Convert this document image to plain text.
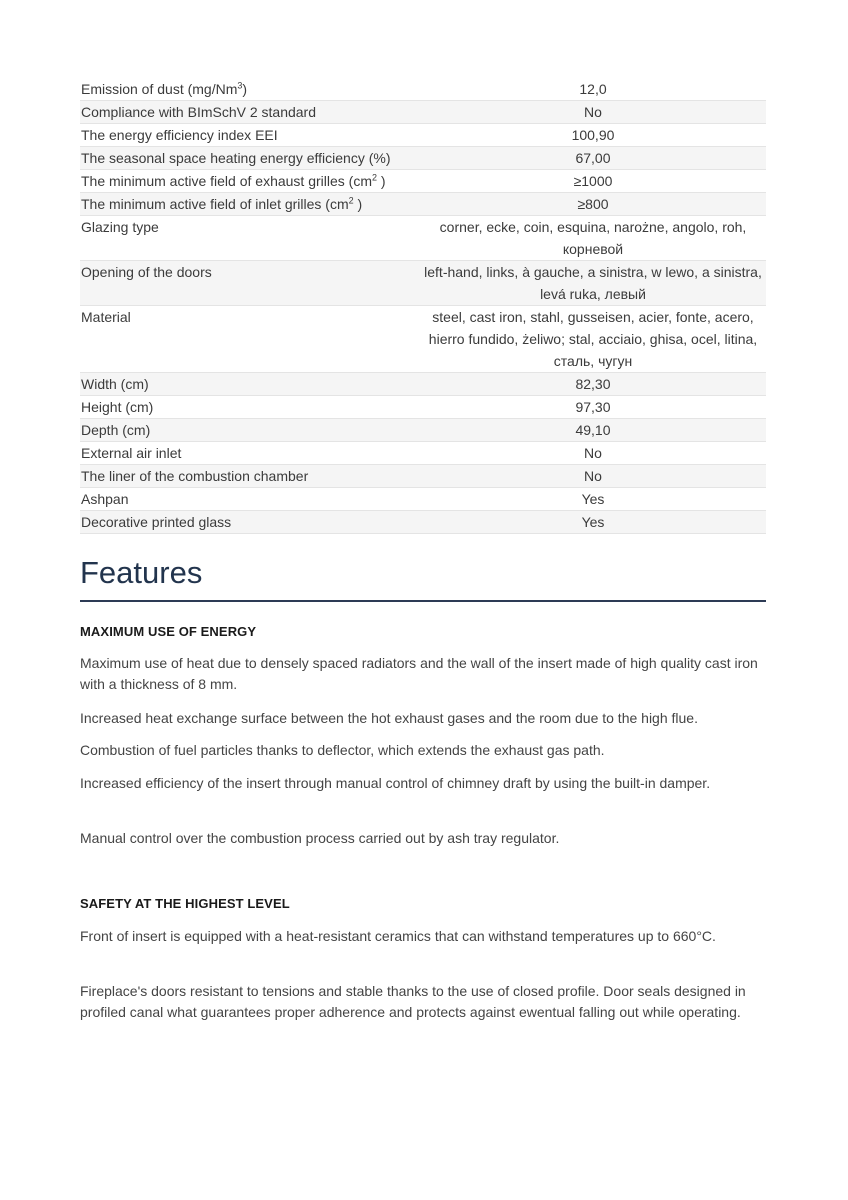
Emission of dust (mg/Nm$^3$)	12,0
Compliance with BImSchV 2 standard	No
The energy efficiency index EEI	100,90
The seasonal space heating energy efficiency (%)	67,00
The minimum active field of exhaust grilles ($cm^2$ )	≥1000
The minimum active field of inlet grilles ($cm^2$ )	≥800
Glazing type	corner, ecke, coin, esquina, narożne, angolo, roh, корневой
Opening of the doors	left-hand, links, à gauche, a sinistra, w lewo, a sinistra, levá ruka, левый
Material	steel, cast iron, stahl, gusseisen, acier, fonte, acero, hierro fundido, żeliwo; stal, acciaio, ghisa, ocel, litina, сталь, чугун
Width (cm)	82,30
Height (cm)	97,30
Depth (cm)	49,10
External air inlet	No
The liner of the combustion chamber	No
Ashpan	Yes
Decorative printed glass	Yes
Features
MAXIMUM USE OF ENERGY

Maximum use of heat due to densely spaced radiators and the wall of the insert made of high quality cast iron with a thickness of 8 mm.

Increased heat exchange surface between the hot exhaust gases and the room due to the high flue.

Combustion of fuel particles thanks to deflector, which extends the exhaust gas path.

Increased efficiency of the insert through manual control of chimney draft by using the built-in damper.

Manual control over the combustion process carried out by ash tray regulator.

SAFETY AT THE HIGHEST LEVEL

Front of insert is equipped with a heat-resistant ceramics that can withstand temperatures up to 660°C.

Fireplace's doors resistant to tensions and stable thanks to the use of closed profile. Door seals designed in profiled canal what guarantees proper adherence and protects against ewentual falling out while operating.
